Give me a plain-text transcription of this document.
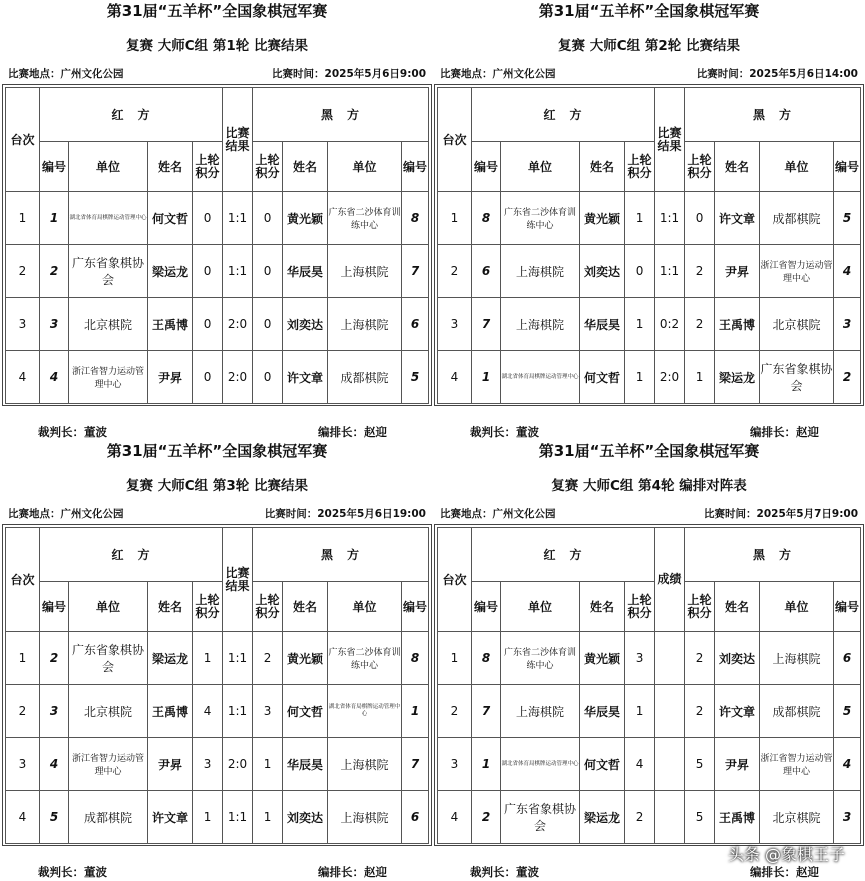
第31届“五羊杯”全国象棋冠军赛
复赛 大师C组 第1轮 比赛结果
比赛地点：广州文化公园	比赛时间：2025年5月6日9:00
台次	红　方				比赛结果	黑　方			
	编号	单位	姓名	上轮积分		上轮积分	姓名	单位	编号
1	1	湖北省体育局棋牌运动管理中心	何文哲	0	1:1	0	黄光颖	广东省二沙体育训练中心	8
2	2	广东省象棋协会	梁运龙	0	1:1	0	华辰昊	上海棋院	7
3	3	北京棋院	王禹博	0	2:0	0	刘奕达	上海棋院	6
4	4	浙江省智力运动管理中心	尹昇	0	2:0	0	许文章	成都棋院	5
裁判长：董波	编排长：赵迎
第31届“五羊杯”全国象棋冠军赛
复赛 大师C组 第2轮 比赛结果
比赛地点：广州文化公园	比赛时间：2025年5月6日14:00
台次	红　方				比赛结果	黑　方			
	编号	单位	姓名	上轮积分		上轮积分	姓名	单位	编号
1	8	广东省二沙体育训练中心	黄光颖	1	1:1	0	许文章	成都棋院	5
2	6	上海棋院	刘奕达	0	1:1	2	尹昇	浙江省智力运动管理中心	4
3	7	上海棋院	华辰昊	1	0:2	2	王禹博	北京棋院	3
4	1	湖北省体育局棋牌运动管理中心	何文哲	1	2:0	1	梁运龙	广东省象棋协会	2
裁判长：董波	编排长：赵迎
第31届“五羊杯”全国象棋冠军赛
复赛 大师C组 第3轮 比赛结果
比赛地点：广州文化公园	比赛时间：2025年5月6日19:00
台次	红　方				比赛结果	黑　方			
	编号	单位	姓名	上轮积分		上轮积分	姓名	单位	编号
1	2	广东省象棋协会	梁运龙	1	1:1	2	黄光颖	广东省二沙体育训练中心	8
2	3	北京棋院	王禹博	4	1:1	3	何文哲	湖北省体育局棋牌运动管理中心	1
3	4	浙江省智力运动管理中心	尹昇	3	2:0	1	华辰昊	上海棋院	7
4	5	成都棋院	许文章	1	1:1	1	刘奕达	上海棋院	6
裁判长：董波	编排长：赵迎
第31届“五羊杯”全国象棋冠军赛
复赛 大师C组 第4轮 编排对阵表
比赛地点：广州文化公园	比赛时间：2025年5月7日9:00
台次	红　方				成绩	黑　方			
	编号	单位	姓名	上轮积分		上轮积分	姓名	单位	编号
1	8	广东省二沙体育训练中心	黄光颖	3		2	刘奕达	上海棋院	6
2	7	上海棋院	华辰昊	1		2	许文章	成都棋院	5
3	1	湖北省体育局棋牌运动管理中心	何文哲	4		5	尹昇	浙江省智力运动管理中心	4
4	2	广东省象棋协会	梁运龙	2		5	王禹博	北京棋院	3
裁判长：董波	编排长：赵迎
头条 @象棋王子
